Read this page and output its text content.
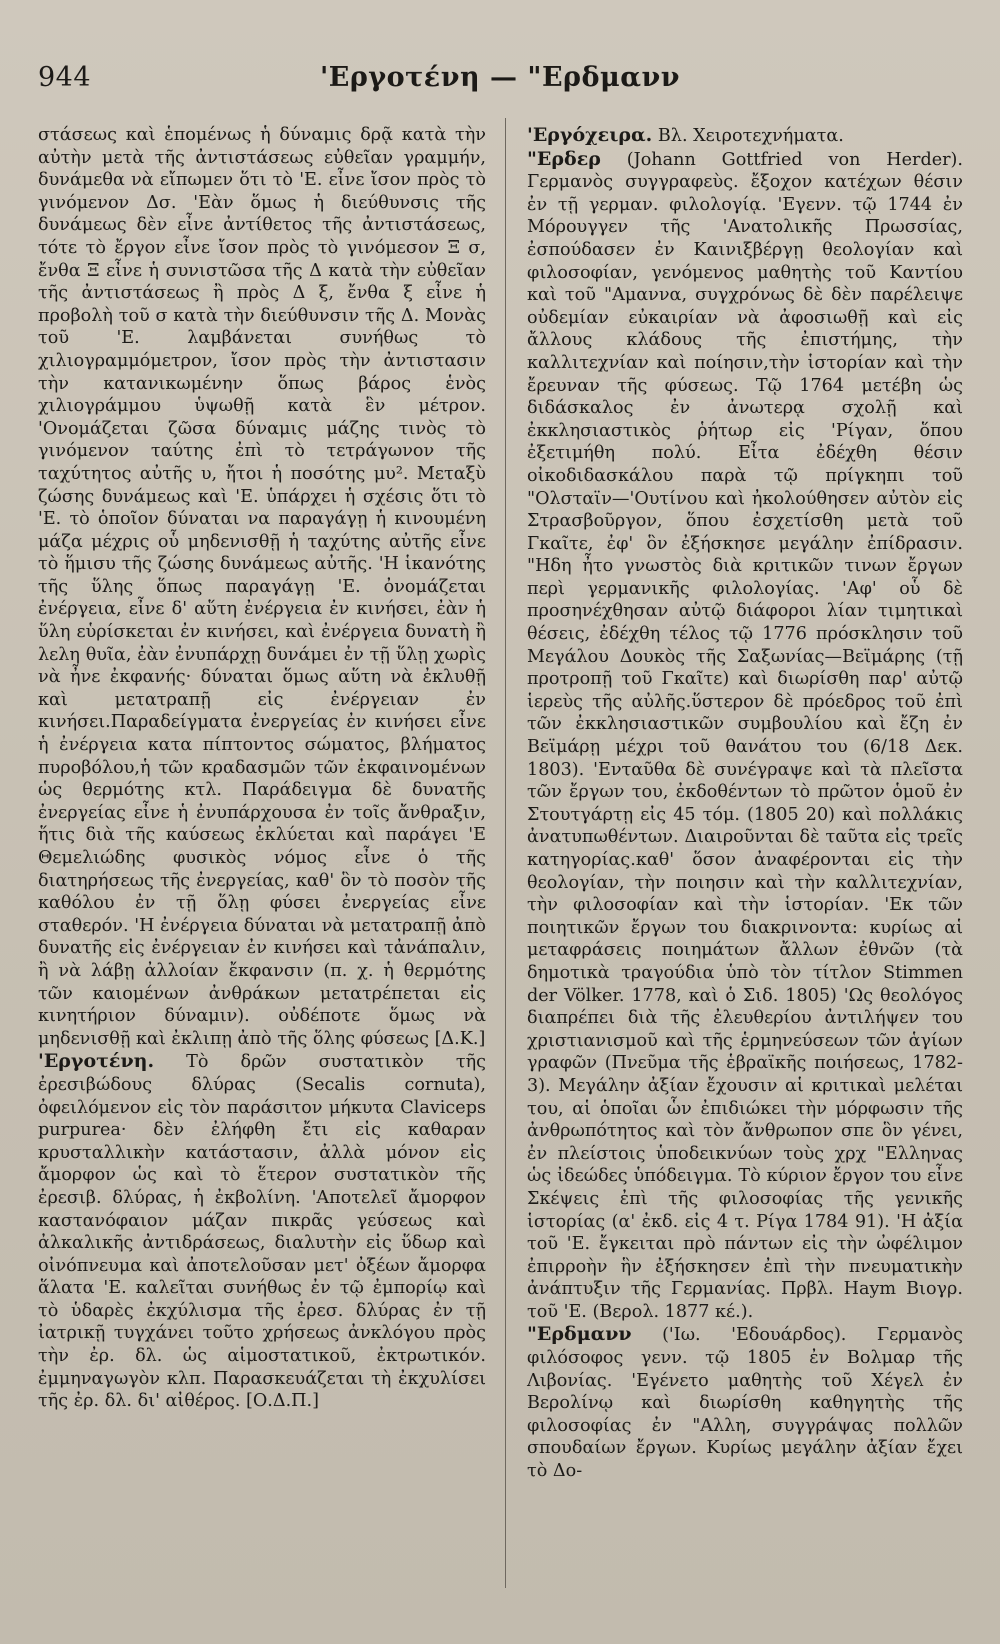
944	'Εργοτένη — "Ερδμανν

στάσεως καὶ ἑπομένως ἡ δύναμις δρᾷ κατὰ τὴν αὐτὴν μετὰ τῆς ἀντιστάσεως εὐθεῖαν γραμμήν, δυνάμεθα νὰ εἴπωμεν ὅτι τὸ 'Ε. εἶνε ἴσον πρὸς τὸ γινόμενον Δσ. 'Εὰν ὅμως ἡ διεύθυνσις τῆς δυνάμεως δὲν εἶνε ἀντίθετος τῆς ἀντιστάσεως, τότε τὸ ἔργον εἶνε ἴσον πρὸς τὸ γινόμεσον Ξ σ, ἔνθα Ξ εἶνε ἡ συνιστῶσα τῆς Δ κατὰ τὴν εὐθεῖαν τῆς ἀντιστάσεως ἢ πρὸς Δ ξ, ἔνθα ξ εἶνε ἡ προβολὴ τοῦ σ κατὰ τὴν διεύθυνσιν τῆς Δ. Μονὰς τοῦ 'Ε. λαμβάνεται συνήθως τὸ χιλιογραμμόμετρον, ἴσον πρὸς τὴν ἀντιστασιν τὴν κατανικωμένην ὅπως βάρος ἑνὸς χιλιογράμμου ὑψωθῇ κατὰ ἓν μέτρον. 'Ονομάζεται ζῶσα δύναμις μάζης τινὸς τὸ γινόμενον ταύτης ἐπὶ τὸ τετράγωνον τῆς ταχύτητος αὐτῆς υ, ἤτοι ἡ ποσότης μυ². Μεταξὺ ζώσης δυνάμεως καὶ 'Ε. ὑπάρχει ἡ σχέσις ὅτι τὸ 'Ε. τὸ ὁποῖον δύναται να παραγάγῃ ἡ κινουμένη μάζα μέχρις οὗ μηδενισθῇ ἡ ταχύτης αὐτῆς εἶνε τὸ ἥμισυ τῆς ζώσης δυνάμεως αὐτῆς. 'Η ἱκανότης τῆς ὕλης ὅπως παραγάγῃ 'Ε. ὀνομάζεται ἐνέργεια, εἶνε δ' αὕτη ἐνέργεια ἐν κινήσει, ἐὰν ἡ ὕλη εὑρίσκεται ἐν κινήσει, καὶ ἐνέργεια δυνατὴ ἢ λελη θυῖα, ἐὰν ἐνυπάρχῃ δυνάμει ἐν τῇ ὕλῃ χωρὶς νὰ ἦνε ἐκφανής· δύναται ὅμως αὕτη νὰ ἐκλυθῇ καὶ μετατραπῇ εἰς ἐνέργειαν ἐν κινήσει.Παραδείγματα ἐνεργείας ἐν κινήσει εἶνε ἡ ἐνέργεια κατα πίπτοντος σώματος, βλήματος πυροβόλου,ἡ τῶν κραδασμῶν τῶν ἐκφαινομένων ὡς θερμότης κτλ. Παράδειγμα δὲ δυνατῆς ἐνεργείας εἶνε ἡ ἐνυπάρχουσα ἐν τοῖς ἄνθραξιν, ἥτις διὰ τῆς καύσεως ἐκλύεται καὶ παράγει 'Ε Θεμελιώδης φυσικὸς νόμος εἶνε ὁ τῆς διατηρήσεως τῆς ἐνεργείας, καθ' ὃν τὸ ποσὸν τῆς καθόλου ἐν τῇ ὅλῃ φύσει ἐνεργείας εἶνε σταθερόν. 'Η ἐνέργεια δύναται νὰ μετατραπῇ ἀπὸ δυνατῆς εἰς ἐνέργειαν ἐν κινήσει καὶ τἀνάπαλιν, ἢ νὰ λάβῃ ἀλλοίαν ἔκφανσιν (π. χ. ἡ θερμότης τῶν καιομένων ἀνθράκων μετατρέπεται εἰς κινητήριον δύναμιν). οὐδέποτε ὅμως νὰ μηδενισθῇ καὶ ἐκλιπῃ ἀπὸ τῆς ὅλης φύσεως [Δ.Κ.]

'Εργοτένη. Τὸ δρῶν συστατικὸν τῆς ἐρεσιβώδους δλύρας (Secalis cornuta), ὀφειλόμενον εἰς τὸν παράσιτον μήκυτα Claviceps purpurea· δὲν ἐλήφθη ἔτι εἰς καθαραν κρυσταλλικὴν κατάστασιν, ἀλλὰ μόνον εἰς ἄμορφον ὡς καὶ τὸ ἕτερον συστατικὸν τῆς ἐρεσιβ. δλύρας, ἡ ἐκβολίνη. 'Αποτελεῖ ἄμορφον καστανόφαιον μάζαν πικρᾶς γεύσεως καὶ ἀλκαλικῆς ἀντιδράσεως, διαλυτὴν εἰς ὕδωρ καὶ οἰνόπνευμα καὶ ἀποτελοῦσαν μετ' ὀξέων ἄμορφα ἅλατα 'Ε. καλεῖται συνήθως ἐν τῷ ἐμπορίῳ καὶ τὸ ὑδαρὲς ἐκχύλισμα τῆς ἐρεσ. δλύρας ἐν τῇ ἰατρικῇ τυγχάνει τοῦτο χρήσεως ἀνκλόγου πρὸς τὴν ἐρ. δλ. ὡς αἱμοστατικοῦ, ἐκτρωτικόν. ἐμμηναγωγὸν κλπ. Παρασκευάζεται τὴ ἐκχυλίσει τῆς ἐρ. δλ. δι' αἰθέρος. [Ο.Δ.Π.]

'Εργόχειρα. Βλ. Χειροτεχνήματα.

"Ερδερ (Johann Gottfried von Herder). Γερμανὸς συγγραφεὺς. ἔξοχον κατέχων θέσιν ἐν τῇ γερμαν. φιλολογίᾳ. 'Εγενν. τῷ 1744 ἐν Μόρουγγεν τῆς 'Ανατολικῆς Πρωσσίας, ἐσπούδασεν ἐν Καινιξβέργῃ θεολογίαν καὶ φιλοσοφίαν, γενόμενος μαθητὴς τοῦ Καντίου καὶ τοῦ "Αμαννα, συγχρόνως δὲ δὲν παρέλειψε οὐδεμίαν εὐκαιρίαν νὰ ἀφοσιωθῇ καὶ εἰς ἄλλους κλάδους τῆς ἐπιστήμης, τὴν καλλιτεχνίαν καὶ ποίησιν,τὴν ἱστορίαν καὶ τὴν ἔρευναν τῆς φύσεως. Τῷ 1764 μετέβη ὡς διδάσκαλος ἐν ἀνωτερᾳ σχολῇ καὶ ἐκκλησιαστικὸς ῥήτωρ εἰς 'Ρίγαν, ὅπου ἐξετιμήθη πολύ. Εἶτα ἐδέχθη θέσιν οἰκοδιδασκάλου παρὰ τῷ πρίγκηπι τοῦ "Ολσταϊν—'Ουτίνου καὶ ἠκολούθησεν αὐτὸν εἰς Στρασβοῦργον, ὅπου ἐσχετίσθη μετὰ τοῦ Γκαῖτε, ἐφ' ὃν ἐξήσκησε μεγάλην ἐπίδρασιν. "Ηδη ἦτο γνωστὸς διὰ κριτικῶν τινων ἔργων περὶ γερμανικῆς φιλολογίας. 'Αφ' οὗ δὲ προσηνέχθησαν αὐτῷ διάφοροι λίαν τιμητικαὶ θέσεις, ἐδέχθη τέλος τῷ 1776 πρόσκλησιν τοῦ Μεγάλου Δουκὸς τῆς Σαξωνίας—Βεϊμάρης (τῇ προτροπῇ τοῦ Γκαῖτε) καὶ διωρίσθη παρ' αὐτῷ ἱερεὺς τῆς αὐλῆς.ὕστερον δὲ πρόεδρος τοῦ ἐπὶ τῶν ἐκκλησιαστικῶν συμβουλίου καὶ ἔζη ἐν Βεϊμάρῃ μέχρι τοῦ θανάτου του (6/18 Δεκ. 1803). 'Ενταῦθα δὲ συνέγραψε καὶ τὰ πλεῖστα τῶν ἔργων του, ἐκδοθέντων τὸ πρῶτον ὁμοῦ ἐν Στουτγάρτῃ εἰς 45 τόμ. (1805 20) καὶ πολλάκις ἀνατυπωθέντων. Διαιροῦνται δὲ ταῦτα εἰς τρεῖς κατηγορίας.καθ' ὅσον ἀναφέρονται εἰς τὴν θεολογίαν, τὴν ποιησιν καὶ τὴν καλλιτεχνίαν, τὴν φιλοσοφίαν καὶ τὴν ἱστορίαν. 'Εκ τῶν ποιητικῶν ἔργων του διακρινοντα: κυρίως αἱ μεταφράσεις ποιημάτων ἄλλων ἐθνῶν (τὰ δημοτικὰ τραγούδια ὑπὸ τὸν τίτλον Stimmen der Völker. 1778, καὶ ὁ Σιδ. 1805) 'Ως θεολόγος διαπρέπει διὰ τῆς ἐλευθερίου ἀντιλήψεν του χριστιανισμοῦ καὶ τῆς ἑρμηνεύσεων τῶν ἁγίων γραφῶν (Πνεῦμα τῆς ἑβραϊκῆς ποιήσεως, 1782-3). Μεγάλην ἀξίαν ἔχουσιν αἱ κριτικαὶ μελέται του, αἱ ὁποῖαι ὧν ἐπιδιώκει τὴν μόρφωσιν τῆς ἀνθρωπότητος καὶ τὸν ἄνθρωπον σπε ὃν γένει, ἐν πλείστοις ὑποδεικνύων τοὺς χρχ "Ελληνας ὡς ἰδεώδες ὑπόδειγμα. Τὸ κύριον ἔργον του εἶνε Σκέψεις ἐπὶ τῆς φιλοσοφίας τῆς γενικῆς ἱστορίας (α' ἐκδ. εἰς 4 τ. Ρίγα 1784 91). 'Η ἀξία τοῦ 'Ε. ἔγκειται πρὸ πάντων εἰς τὴν ὠφέλιμον ἐπιρροὴν ἣν ἐξήσκησεν ἐπὶ τὴν πνευματικὴν ἀνάπτυξιν τῆς Γερμανίας. Πρβλ. Haym Βιογρ. τοῦ 'Ε. (Βερολ. 1877 κέ.).

"Ερδμανν ('Ιω. 'Εδουάρδος). Γερμανὸς φιλόσοφος γενν. τῷ 1805 ἐν Βολμαρ τῆς Λιβονίας. 'Εγένετο μαθητὴς τοῦ Χέγελ ἐν Βερολίνῳ καὶ διωρίσθη καθηγητὴς τῆς φιλοσοφίας ἐν "Αλλη, συγγράψας πολλῶν σπουδαίων ἔργων. Κυρίως μεγάλην ἀξίαν ἔχει τὸ Δο-
